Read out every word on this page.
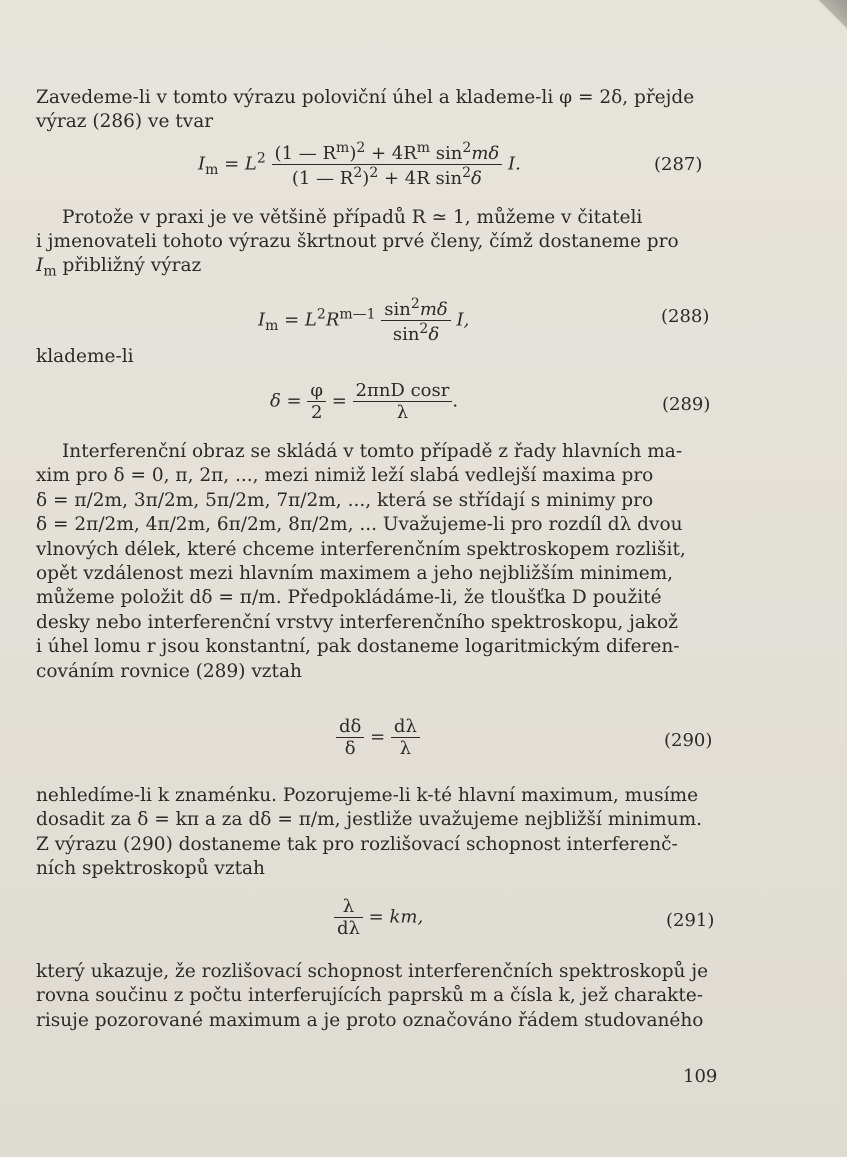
Zavedeme-li v tomto výrazu poloviční úhel a klademe-li φ = 2δ, přejde
výraz (286) ve tvar
$I_m = L^2 \frac{(1 — R^m)^2 + 4R^m \sin^2m\delta}{(1 — R^2)^2 + 4R \sin^2\delta} I$.	(287)
Protože v praxi je ve většině případů R ≃ 1, můžeme v čitateli
i jmenovateli tohoto výrazu škrtnout prvé členy, čímž dostaneme pro
$I_m$ přibližný výraz
$I_m = L^2R^{m—1} \frac{\sin^2m\delta}{\sin^2\delta} I$,	(288)
klademe-li
$\delta = \frac{\varphi}{2} = \frac{\text{2πnD cosr}}{\lambda}$ .	(289)
Interferenční obraz se skládá v tomto případě z řady hlavních ma-
xim pro δ = 0, π, 2π, ..., mezi nimiž leží slabá vedlejší maxima pro
δ = π/2m, 3π/2m, 5π/2m, 7π/2m, ..., která se střídají s minimy pro
δ = 2π/2m, 4π/2m, 6π/2m, 8π/2m, ... Uvažujeme-li pro rozdíl dλ dvou
vlnových délek, které chceme interferenčním spektroskopem rozlišit,
opět vzdálenost mezi hlavním maximem a jeho nejbližším minimem,
můžeme položit dδ = π/m. Předpokládáme-li, že tloušťka D použité
desky nebo interferenční vrstvy interferenčního spektroskopu, jakož
i úhel lomu r jsou konstantní, pak dostaneme logaritmickým diferen-
cováním rovnice (289) vztah
$\frac{d\delta}{\delta} = \frac{d\lambda}{\lambda}$	(290)
nehledíme-li k znaménku. Pozorujeme-li k-té hlavní maximum, musíme
dosadit za δ = kπ a za dδ = π/m, jestliže uvažujeme nejbližší minimum.
Z výrazu (290) dostaneme tak pro rozlišovací schopnost interferenč-
ních spektroskopů vztah
$\frac{\lambda}{d\lambda}$ = km,	(291)
který ukazuje, že rozlišovací schopnost interferenčních spektroskopů je
rovna součinu z počtu interferujících paprsků m a čísla k, jež charakte-
risuje pozorované maximum a je proto označováno řádem studovaného
109
